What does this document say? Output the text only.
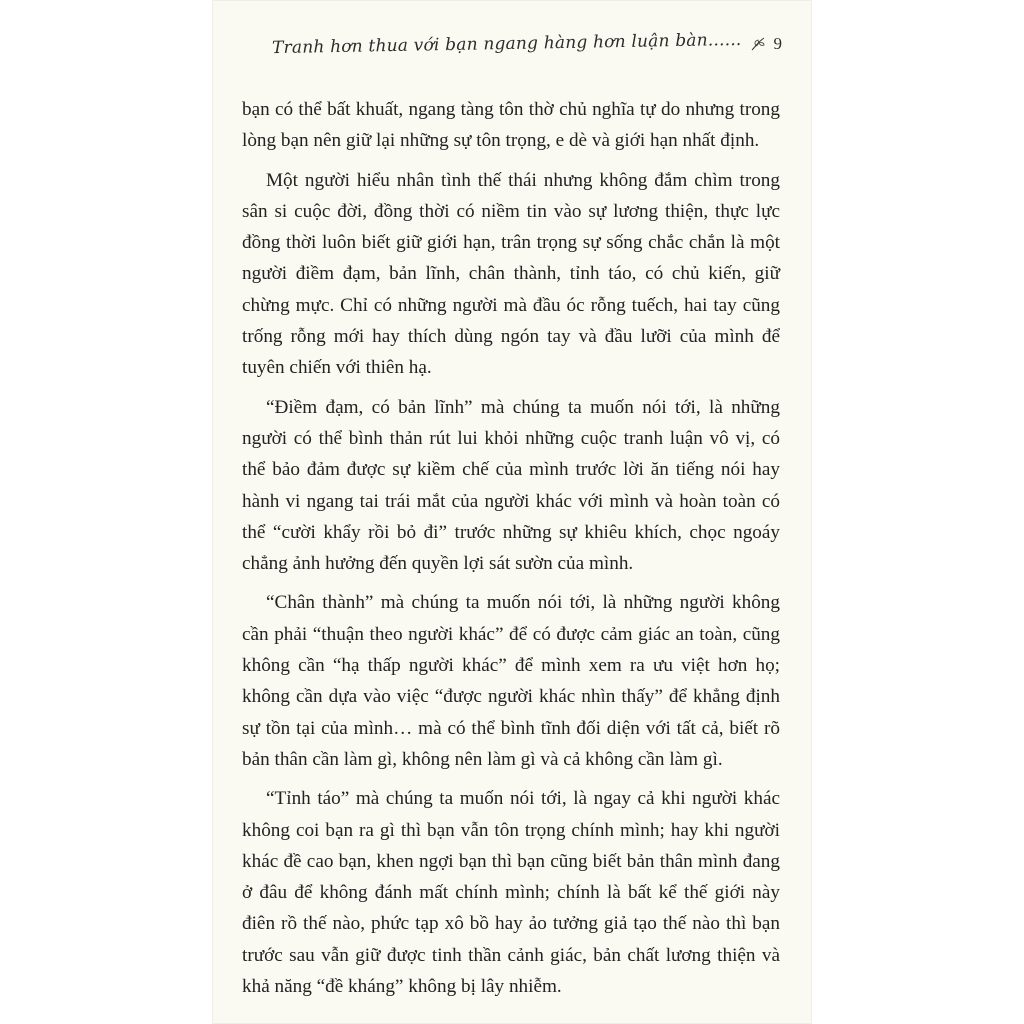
Tranh hơn thua với bạn ngang hàng hơn luận bàn...... 9

bạn có thể bất khuất, ngang tàng tôn thờ chủ nghĩa tự do nhưng trong lòng bạn nên giữ lại những sự tôn trọng, e dè và giới hạn nhất định.

Một người hiểu nhân tình thế thái nhưng không đắm chìm trong sân si cuộc đời, đồng thời có niềm tin vào sự lương thiện, thực lực đồng thời luôn biết giữ giới hạn, trân trọng sự sống chắc chắn là một người điềm đạm, bản lĩnh, chân thành, tỉnh táo, có chủ kiến, giữ chừng mực. Chỉ có những người mà đầu óc rỗng tuếch, hai tay cũng trống rỗng mới hay thích dùng ngón tay và đầu lưỡi của mình để tuyên chiến với thiên hạ.

“Điềm đạm, có bản lĩnh” mà chúng ta muốn nói tới, là những người có thể bình thản rút lui khỏi những cuộc tranh luận vô vị, có thể bảo đảm được sự kiềm chế của mình trước lời ăn tiếng nói hay hành vi ngang tai trái mắt của người khác với mình và hoàn toàn có thể “cười khẩy rồi bỏ đi” trước những sự khiêu khích, chọc ngoáy chẳng ảnh hưởng đến quyền lợi sát sườn của mình.

“Chân thành” mà chúng ta muốn nói tới, là những người không cần phải “thuận theo người khác” để có được cảm giác an toàn, cũng không cần “hạ thấp người khác” để mình xem ra ưu việt hơn họ; không cần dựa vào việc “được người khác nhìn thấy” để khẳng định sự tồn tại của mình… mà có thể bình tĩnh đối diện với tất cả, biết rõ bản thân cần làm gì, không nên làm gì và cả không cần làm gì.

“Tỉnh táo” mà chúng ta muốn nói tới, là ngay cả khi người khác không coi bạn ra gì thì bạn vẫn tôn trọng chính mình; hay khi người khác đề cao bạn, khen ngợi bạn thì bạn cũng biết bản thân mình đang ở đâu để không đánh mất chính mình; chính là bất kể thế giới này điên rồ thế nào, phức tạp xô bồ hay ảo tưởng giả tạo thế nào thì bạn trước sau vẫn giữ được tinh thần cảnh giác, bản chất lương thiện và khả năng “đề kháng” không bị lây nhiễm.
